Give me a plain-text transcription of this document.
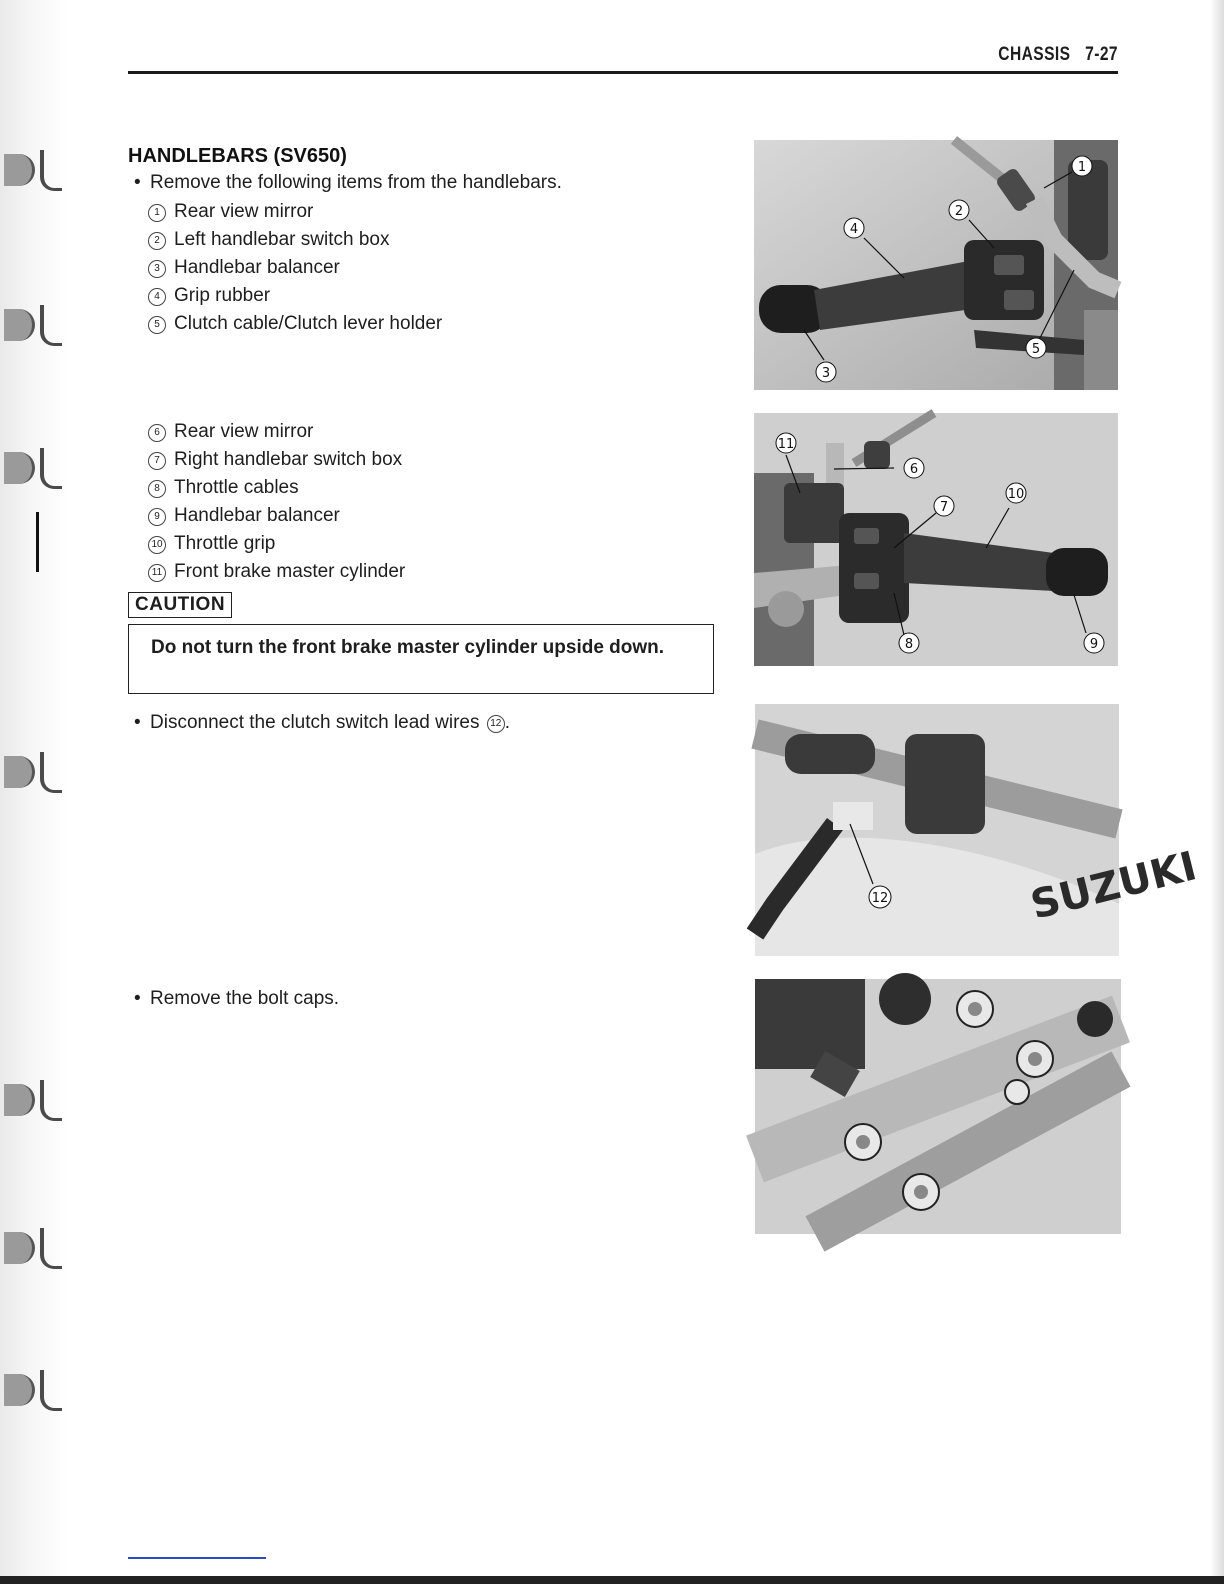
CHASSIS 7-27
HANDLEBARS (SV650)
• Remove the following items from the handlebars.
1 Rear view mirror
2 Left handlebar switch box
3 Handlebar balancer
4 Grip rubber
5 Clutch cable/Clutch lever holder
6 Rear view mirror
7 Right handlebar switch box
8 Throttle cables
9 Handlebar balancer
10 Throttle grip
11 Front brake master cylinder
CAUTION
Do not turn the front brake master cylinder upside down.
• Disconnect the clutch switch lead wires 12 .
• Remove the bolt caps.
1
2
3
4
5
6
7
8	9
10
11
SUZUKI
12
